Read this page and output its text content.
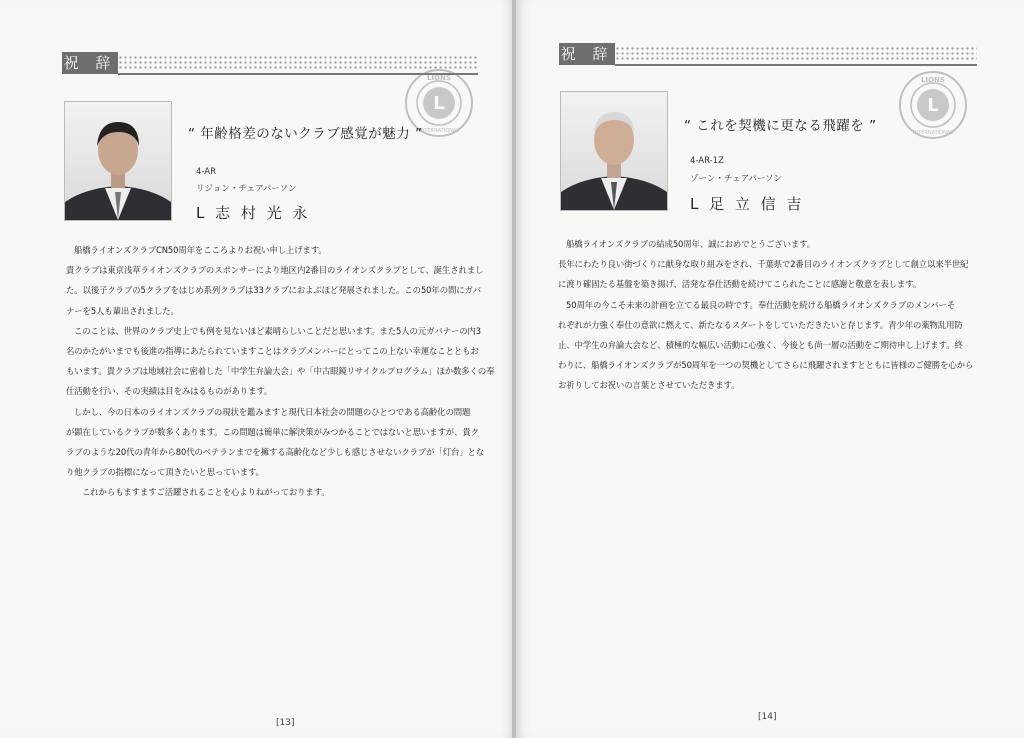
祝 辞
L
LIONS
INTERNATIONAL
“ 年齢格差のないクラブ感覚が魅力 ”
4-AR
リジョン・チェアパーソン
L 志 村 光 永

船橋ライオンズクラブCN50周年をこころよりお祝い申し上げます。

貴クラブは東京浅草ライオンズクラブのスポンサーにより地区内2番目のライオンズクラブとして、誕生されまし

た。以後子クラブの5クラブをはじめ系列クラブは33クラブにおよぶほど発展されました。この50年の間にガバ

ナーを5人も輩出されました。

このことは、世界のクラブ史上でも例を見ないほど素晴らしいことだと思います。また5人の元ガバナーの内3

名のかたがいまでも後進の指導にあたられていますことはクラブメンバーにとってこの上ない幸運なことともお

もいます。貴クラブは地域社会に密着した「中学生弁論大会」や「中古眼鏡リサイクルプログラム」ほか数多くの奉

仕活動を行い、その実績は目をみはるものがあります。

しかし、今の日本のライオンズクラブの現状を鑑みますと現代日本社会の問題のひとつである高齢化の問題

が顕在しているクラブが数多くあります。この問題は簡単に解決策がみつかることではないと思いますが、貴ク

ラブのような20代の青年から80代のベテランまでを擁する高齢化など少しも感じさせないクラブが「灯台」とな

り他クラブの指標になって頂きたいと思っています。

これからもますますご活躍されることを心よりねがっております。

[13]
祝 辞
L
LIONS
INTERNATIONAL
“ これを契機に更なる飛躍を ”
4-AR-1Z
ゾーン・チェアパーソン
L 足 立 信 吉

船橋ライオンズクラブの結成50周年、誠におめでとうございます。

長年にわたり良い街づくりに献身な取り組みをされ、千葉県で2番目のライオンズクラブとして創立以来半世紀

に渡り確固たる基盤を築き揚げ、活発な奉仕活動を続けてこられたことに感謝と敬意を表します。

50周年の今こそ未来の計画を立てる最良の時です。奉仕活動を続ける船橋ライオンズクラブのメンバーそ

れぞれが力強く奉仕の意欲に燃えて、新たなるスタートをしていただきたいと存じます。青少年の薬物乱用防

止、中学生の弁論大会など、積極的な幅広い活動に心強く、今後とも尚一層の活動をご期待申し上げます。終

わりに、船橋ライオンズクラブが50周年を一つの契機としてさらに飛躍されますとともに皆様のご健勝を心から

お祈りしてお祝いの言葉とさせていただきます。

[14]
